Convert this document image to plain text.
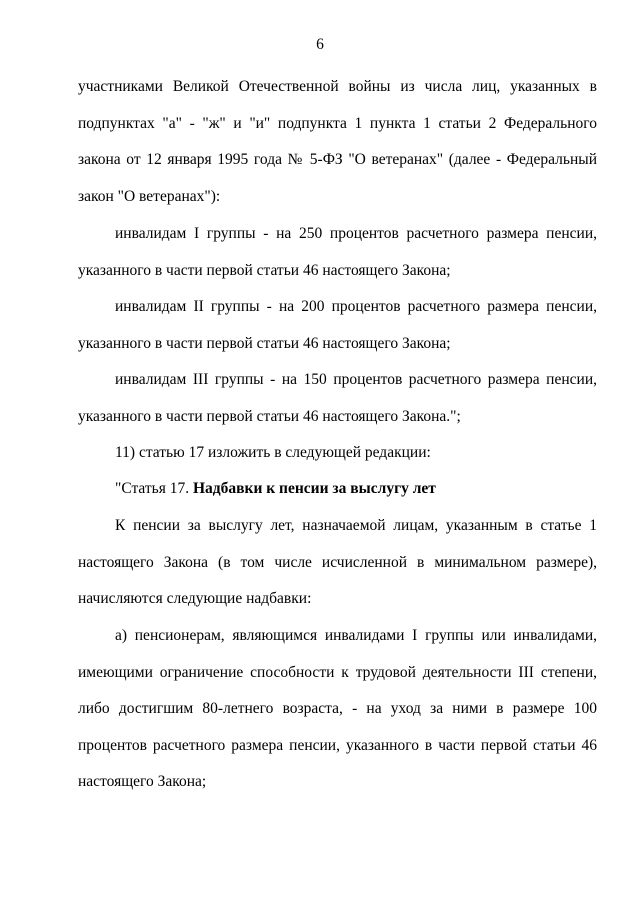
6

участниками Великой Отечественной войны из числа лиц, указанных в подпунктах "а" - "ж" и "и" подпункта 1 пункта 1 статьи 2 Федерального закона от 12 января 1995 года № 5-ФЗ "О ветеранах" (далее - Федеральный закон "О ветеранах"):

инвалидам I группы - на 250 процентов расчетного размера пенсии, указанного в части первой статьи 46 настоящего Закона;

инвалидам II группы - на 200 процентов расчетного размера пенсии, указанного в части первой статьи 46 настоящего Закона;

инвалидам III группы - на 150 процентов расчетного размера пенсии, указанного в части первой статьи 46 настоящего Закона.";

11) статью 17 изложить в следующей редакции:

"Статья 17. Надбавки к пенсии за выслугу лет

К пенсии за выслугу лет, назначаемой лицам, указанным в статье 1 настоящего Закона (в том числе исчисленной в минимальном размере), начисляются следующие надбавки:

а) пенсионерам, являющимся инвалидами I группы или инвалидами, имеющими ограничение способности к трудовой деятельности III степени, либо достигшим 80-летнего возраста, - на уход за ними в размере 100 процентов расчетного размера пенсии, указанного в части первой статьи 46 настоящего Закона;
